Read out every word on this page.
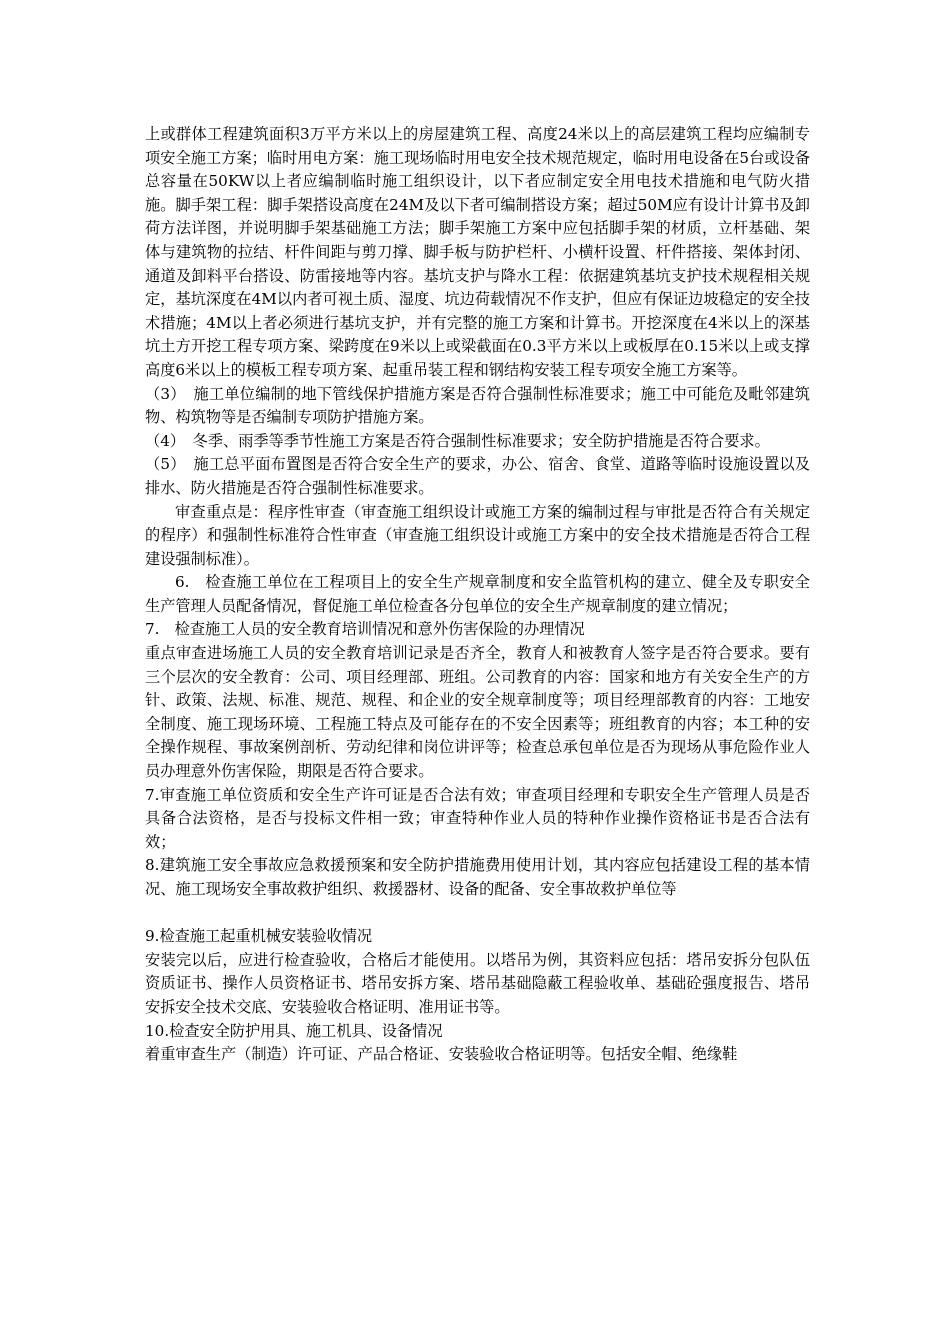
上或群体工程建筑面积3万平方米以上的房屋建筑工程、高度24米以上的高层建筑工程均应编制专项安全施工方案；临时用电方案：施工现场临时用电安全技术规范规定，临时用电设备在5台或设备总容量在50KW以上者应编制临时施工组织设计，以下者应制定安全用电技术措施和电气防火措施。脚手架工程：脚手架搭设高度在24M及以下者可编制搭设方案；超过50M应有设计计算书及卸荷方法详图，并说明脚手架基础施工方法；脚手架施工方案中应包括脚手架的材质，立杆基础、架体与建筑物的拉结、杆件间距与剪刀撑、脚手板与防护栏杆、小横杆设置、杆件搭接、架体封闭、通道及卸料平台搭设、防雷接地等内容。基坑支护与降水工程：依据建筑基坑支护技术规程相关规定，基坑深度在4M以内者可视土质、湿度、坑边荷载情况不作支护，但应有保证边坡稳定的安全技术措施；4M以上者必须进行基坑支护，并有完整的施工方案和计算书。开挖深度在4米以上的深基坑土方开挖工程专项方案、梁跨度在9米以上或梁截面在0.3平方米以上或板厚在0.15米以上或支撑高度6米以上的模板工程专项方案、起重吊装工程和钢结构安装工程专项安全施工方案等。

（3）　施工单位编制的地下管线保护措施方案是否符合强制性标准要求；施工中可能危及毗邻建筑物、构筑物等是否编制专项防护措施方案。

（4）　冬季、雨季等季节性施工方案是否符合强制性标准要求；安全防护措施是否符合要求。

（5）　施工总平面布置图是否符合安全生产的要求，办公、宿舍、食堂、道路等临时设施设置以及排水、防火措施是否符合强制性标准要求。

审查重点是：程序性审查（审查施工组织设计或施工方案的编制过程与审批是否符合有关规定的程序）和强制性标准符合性审查（审查施工组织设计或施工方案中的安全技术措施是否符合工程建设强制标准）。

6.　检查施工单位在工程项目上的安全生产规章制度和安全监管机构的建立、健全及专职安全生产管理人员配备情况，督促施工单位检查各分包单位的安全生产规章制度的建立情况；

7.　检查施工人员的安全教育培训情况和意外伤害保险的办理情况

重点审查进场施工人员的安全教育培训记录是否齐全，教育人和被教育人签字是否符合要求。要有三个层次的安全教育：公司、项目经理部、班组。公司教育的内容：国家和地方有关安全生产的方针、政策、法规、标准、规范、规程、和企业的安全规章制度等；项目经理部教育的内容：工地安全制度、施工现场环境、工程施工特点及可能存在的不安全因素等；班组教育的内容；本工种的安全操作规程、事故案例剖析、劳动纪律和岗位讲评等；检查总承包单位是否为现场从事危险作业人员办理意外伤害保险，期限是否符合要求。

7.审查施工单位资质和安全生产许可证是否合法有效；审查项目经理和专职安全生产管理人员是否具备合法资格，是否与投标文件相一致；审查特种作业人员的特种作业操作资格证书是否合法有效；

8.建筑施工安全事故应急救援预案和安全防护措施费用使用计划，其内容应包括建设工程的基本情况、施工现场安全事故救护组织、救援器材、设备的配备、安全事故救护单位等

9.检查施工起重机械安装验收情况

安装完以后，应进行检查验收，合格后才能使用。以塔吊为例，其资料应包括：塔吊安拆分包队伍资质证书、操作人员资格证书、塔吊安拆方案、塔吊基础隐蔽工程验收单、基础砼强度报告、塔吊安拆安全技术交底、安装验收合格证明、准用证书等。

10.检查安全防护用具、施工机具、设备情况

着重审查生产（制造）许可证、产品合格证、安装验收合格证明等。包括安全帽、绝缘鞋
